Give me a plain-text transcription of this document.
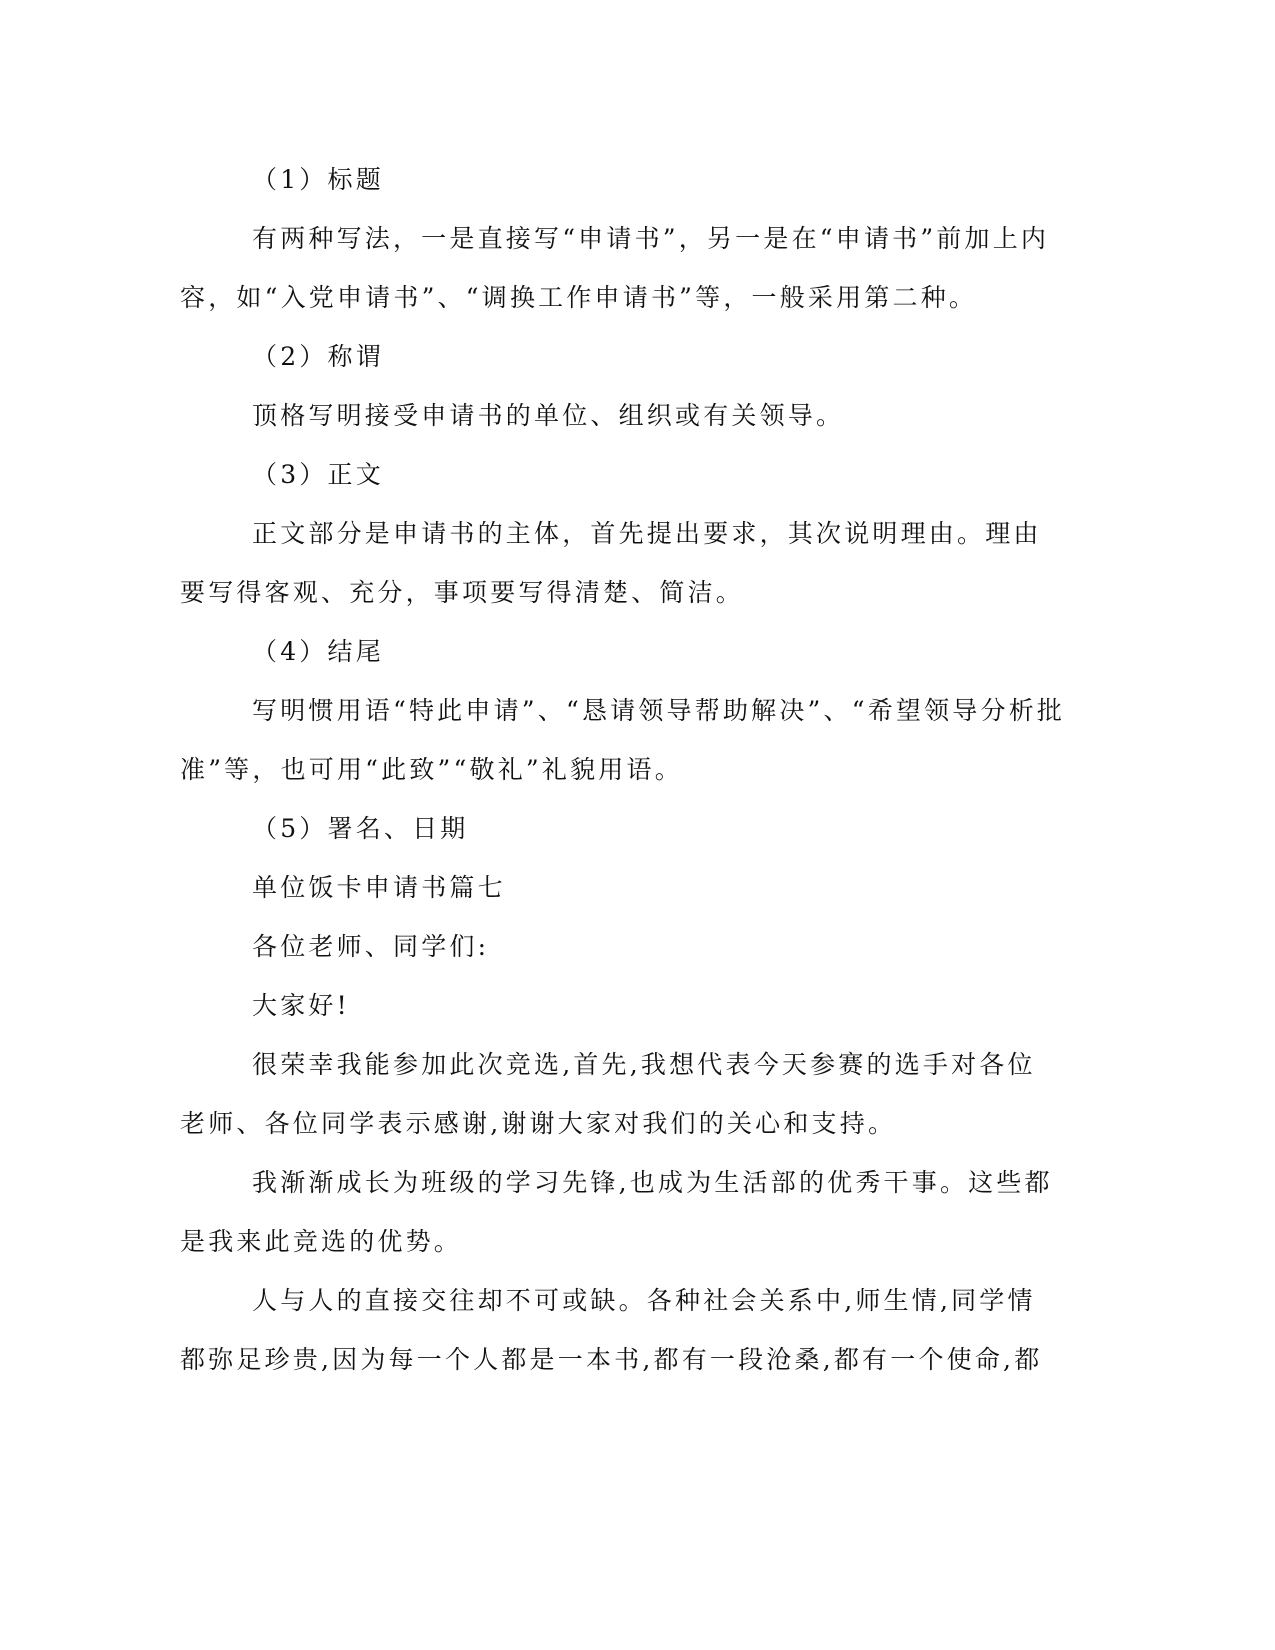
（1）标题
有两种写法，一是直接写“申请书”，另一是在“申请书”前加上内
容，如“入党申请书”、“调换工作申请书”等，一般采用第二种。
（2）称谓
顶格写明接受申请书的单位、组织或有关领导。
（3）正文
正文部分是申请书的主体，首先提出要求，其次说明理由。理由
要写得客观、充分，事项要写得清楚、简洁。
（4）结尾
写明惯用语“特此申请”、“恳请领导帮助解决”、“希望领导分析批
准”等，也可用“此致”“敬礼”礼貌用语。
（5）署名、日期
单位饭卡申请书篇七
各位老师、同学们:
大家好!
很荣幸我能参加此次竞选,首先,我想代表今天参赛的选手对各位
老师、各位同学表示感谢,谢谢大家对我们的关心和支持。
我渐渐成长为班级的学习先锋,也成为生活部的优秀干事。这些都
是我来此竞选的优势。
人与人的直接交往却不可或缺。各种社会关系中,师生情,同学情
都弥足珍贵,因为每一个人都是一本书,都有一段沧桑,都有一个使命,都
